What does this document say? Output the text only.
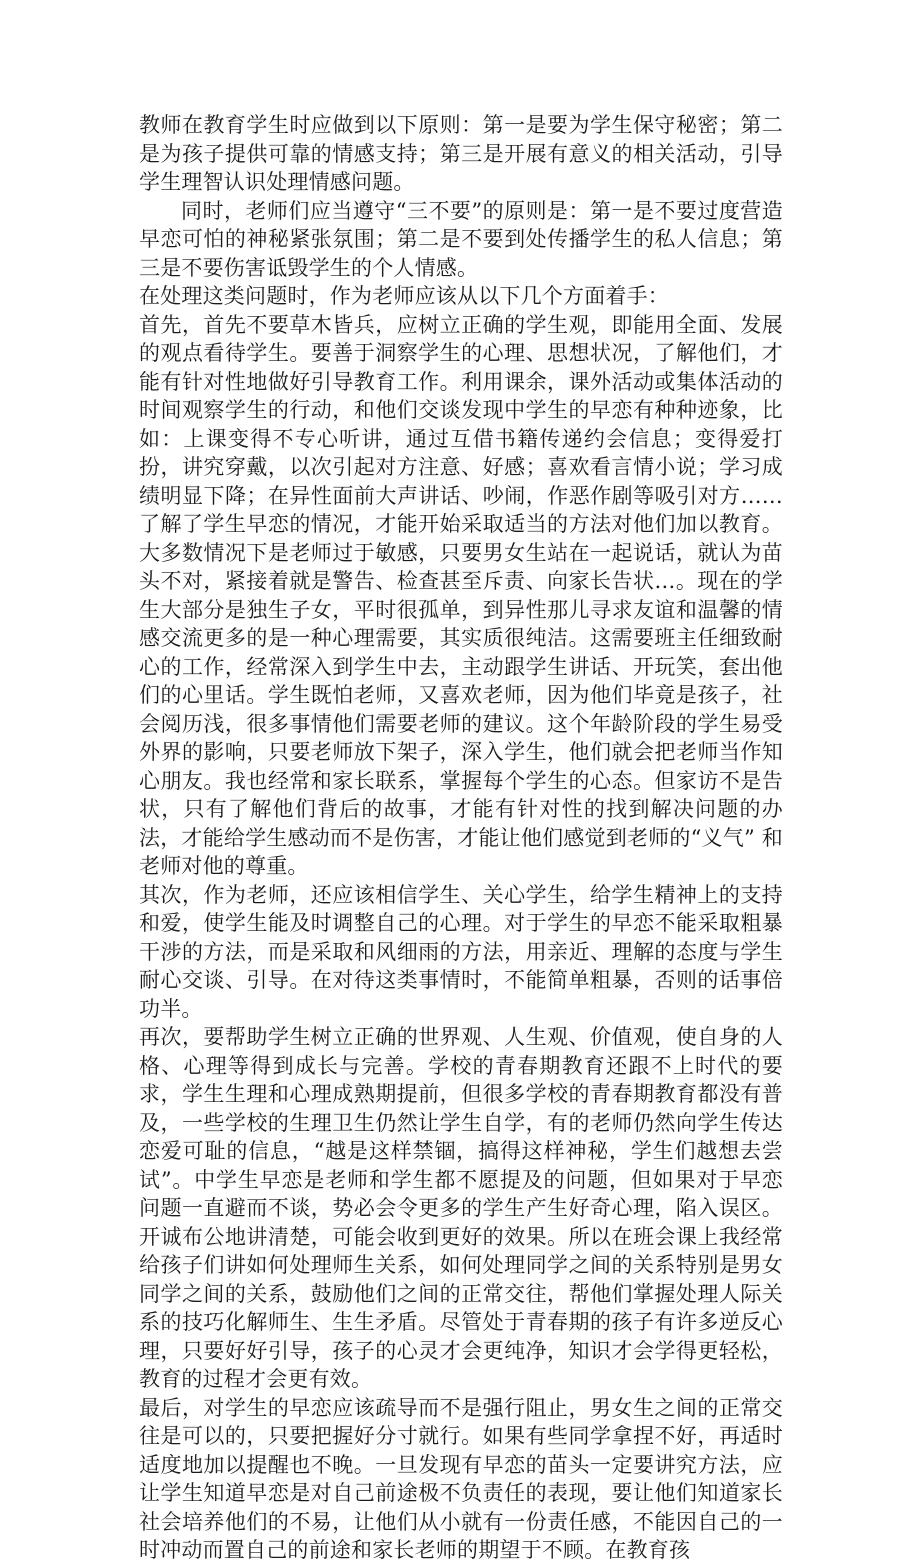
教师在教育学生时应做到以下原则：第一是要为学生保守秘密；第二是为孩子提供可靠的情感支持；第三是开展有意义的相关活动，引导学生理智认识处理情感问题。

同时，老师们应当遵守“三不要”的原则是：第一是不要过度营造早恋可怕的神秘紧张氛围；第二是不要到处传播学生的私人信息；第三是不要伤害诋毁学生的个人情感。

在处理这类问题时，作为老师应该从以下几个方面着手：

首先，首先不要草木皆兵，应树立正确的学生观，即能用全面、发展的观点看待学生。要善于洞察学生的心理、思想状况，了解他们，才能有针对性地做好引导教育工作。利用课余，课外活动或集体活动的时间观察学生的行动，和他们交谈发现中学生的早恋有种种迹象，比如：上课变得不专心听讲，通过互借书籍传递约会信息；变得爱打扮，讲究穿戴，以次引起对方注意、好感；喜欢看言情小说；学习成绩明显下降；在异性面前大声讲话、吵闹，作恶作剧等吸引对方……了解了学生早恋的情况，才能开始采取适当的方法对他们加以教育。大多数情况下是老师过于敏感，只要男女生站在一起说话，就认为苗头不对，紧接着就是警告、检查甚至斥责、向家长告状…。现在的学生大部分是独生子女，平时很孤单，到异性那儿寻求友谊和温馨的情感交流更多的是一种心理需要，其实质很纯洁。这需要班主任细致耐心的工作，经常深入到学生中去，主动跟学生讲话、开玩笑，套出他们的心里话。学生既怕老师，又喜欢老师，因为他们毕竟是孩子，社会阅历浅，很多事情他们需要老师的建议。这个年龄阶段的学生易受外界的影响，只要老师放下架子，深入学生，他们就会把老师当作知心朋友。我也经常和家长联系，掌握每个学生的心态。但家访不是告状，只有了解他们背后的故事，才能有针对性的找到解决问题的办法，才能给学生感动而不是伤害，才能让他们感觉到老师的“义气” 和老师对他的尊重。

其次，作为老师，还应该相信学生、关心学生，给学生精神上的支持和爱，使学生能及时调整自己的心理。对于学生的早恋不能采取粗暴干涉的方法，而是采取和风细雨的方法，用亲近、理解的态度与学生耐心交谈、引导。在对待这类事情时，不能简单粗暴，否则的话事倍功半。

再次，要帮助学生树立正确的世界观、人生观、价值观，使自身的人格、心理等得到成长与完善。学校的青春期教育还跟不上时代的要求，学生生理和心理成熟期提前，但很多学校的青春期教育都没有普及，一些学校的生理卫生仍然让学生自学，有的老师仍然向学生传达恋爱可耻的信息，“越是这样禁锢，搞得这样神秘，学生们越想去尝试”。中学生早恋是老师和学生都不愿提及的问题，但如果对于早恋问题一直避而不谈，势必会令更多的学生产生好奇心理，陷入误区。开诚布公地讲清楚，可能会收到更好的效果。所以在班会课上我经常给孩子们讲如何处理师生关系，如何处理同学之间的关系特别是男女同学之间的关系，鼓励他们之间的正常交往，帮他们掌握处理人际关系的技巧化解师生、生生矛盾。尽管处于青春期的孩子有许多逆反心理，只要好好引导，孩子的心灵才会更纯净，知识才会学得更轻松，教育的过程才会更有效。

最后，对学生的早恋应该疏导而不是强行阻止，男女生之间的正常交往是可以的，只要把握好分寸就行。如果有些同学拿捏不好，再适时适度地加以提醒也不晚。一旦发现有早恋的苗头一定要讲究方法，应让学生知道早恋是对自己前途极不负责任的表现，要让他们知道家长社会培养他们的不易，让他们从小就有一份责任感，不能因自己的一时冲动而置自己的前途和家长老师的期望于不顾。在教育孩
